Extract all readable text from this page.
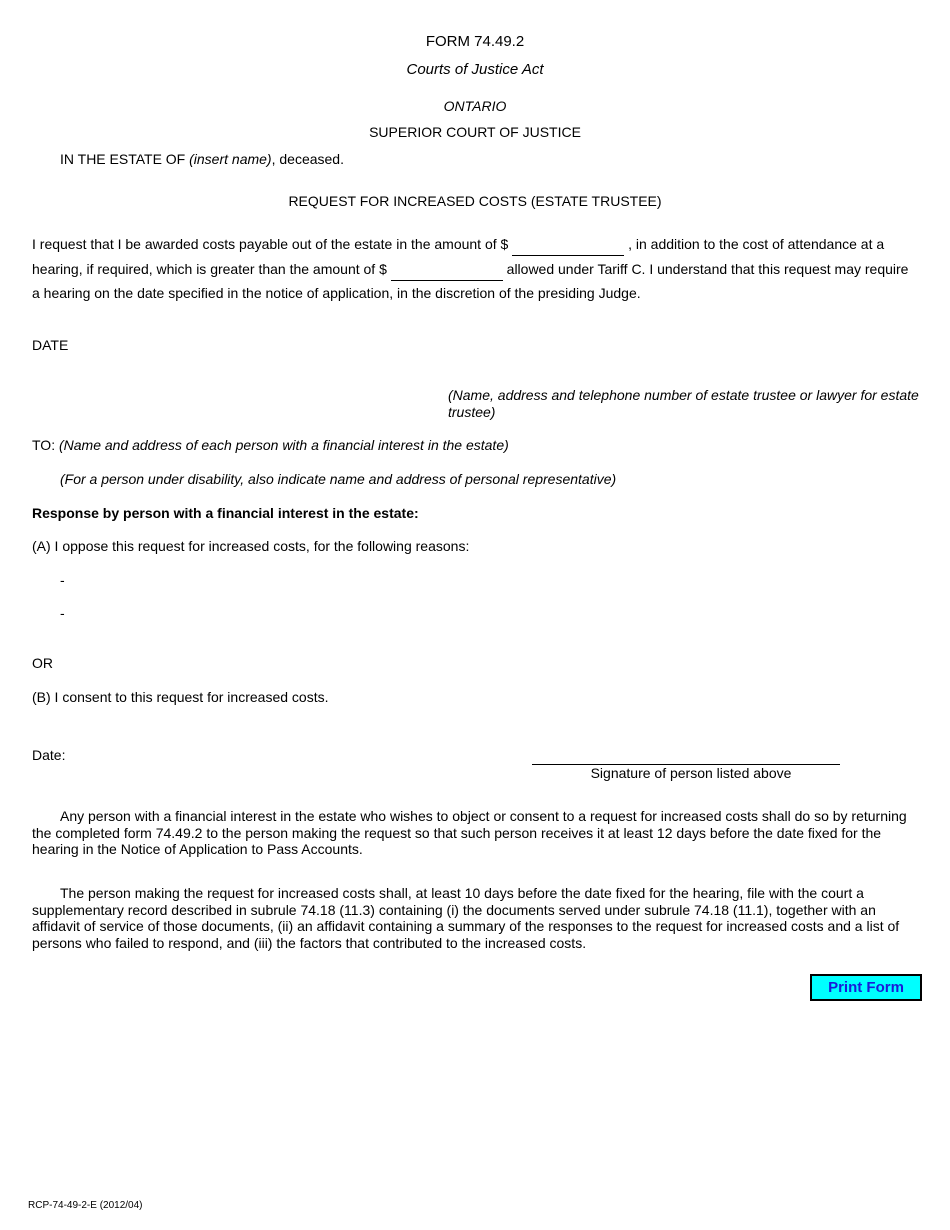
FORM 74.49.2
Courts of Justice Act
ONTARIO
SUPERIOR COURT OF JUSTICE
IN THE ESTATE OF (insert name), deceased.
REQUEST FOR INCREASED COSTS (ESTATE TRUSTEE)
I request that I be awarded costs payable out of the estate in the amount of $	, in addition to the cost of attendance at a hearing, if required, which is greater than the amount of $	allowed under Tariff C. I understand that this request may require a hearing on the date specified in the notice of application, in the discretion of the presiding Judge.
DATE
(Name, address and telephone number of estate trustee or lawyer for estate trustee)
TO: (Name and address of each person with a financial interest in the estate)
(For a person under disability, also indicate name and address of personal representative)
Response by person with a financial interest in the estate:
(A) I oppose this request for increased costs, for the following reasons:
-
-
OR
(B) I consent to this request for increased costs.
Date:
Signature of person listed above
Any person with a financial interest in the estate who wishes to object or consent to a request for increased costs shall do so by returning the completed form 74.49.2 to the person making the request so that such person receives it at least 12 days before the date fixed for the hearing in the Notice of Application to Pass Accounts.
The person making the request for increased costs shall, at least 10 days before the date fixed for the hearing, file with the court a supplementary record described in subrule 74.18 (11.3) containing (i) the documents served under subrule 74.18 (11.1), together with an affidavit of service of those documents, (ii) an affidavit containing a summary of the responses to the request for increased costs and a list of persons who failed to respond, and (iii) the factors that contributed to the increased costs.
Print Form
RCP-74-49-2-E (2012/04)
